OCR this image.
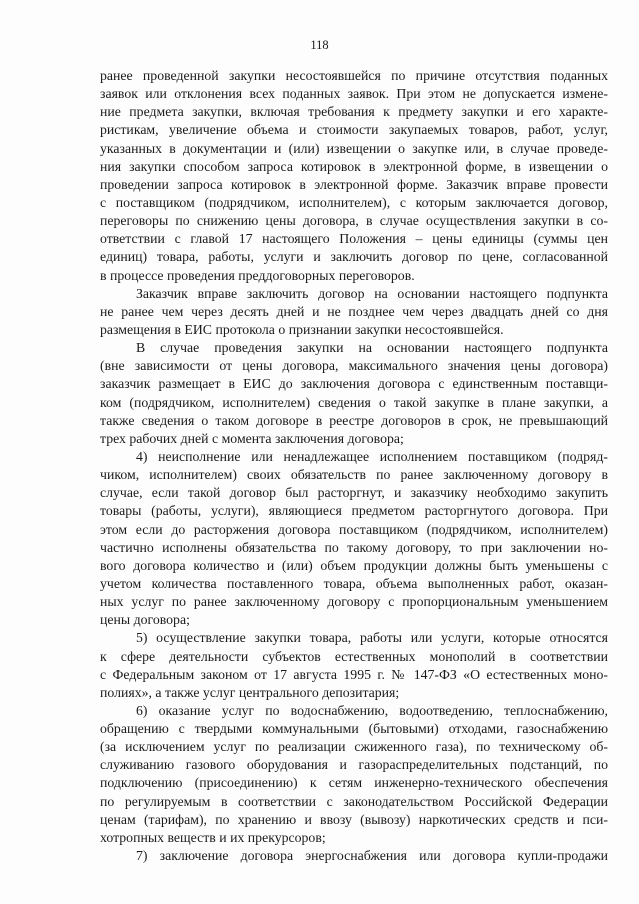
118
ранее проведенной закупки несостоявшейся по причине отсутствия поданных
заявок или отклонения всех поданных заявок. При этом не допускается измене-
ние предмета закупки, включая требования к предмету закупки и его характе-
ристикам, увеличение объема и стоимости закупаемых товаров, работ, услуг,
указанных в документации и (или) извещении о закупке или, в случае проведе-
ния закупки способом запроса котировок в электронной форме, в извещении о
проведении запроса котировок в электронной форме. Заказчик вправе провести
с поставщиком (подрядчиком, исполнителем), с которым заключается договор,
переговоры по снижению цены договора, в случае осуществления закупки в со-
ответствии с главой 17 настоящего Положения – цены единицы (суммы цен
единиц) товара, работы, услуги и заключить договор по цене, согласованной
в процессе проведения преддоговорных переговоров.
Заказчик вправе заключить договор на основании настоящего подпункта
не ранее чем через десять дней и не позднее чем через двадцать дней со дня
размещения в ЕИС протокола о признании закупки несостоявшейся.
В случае проведения закупки на основании настоящего подпункта
(вне зависимости от цены договора, максимального значения цены договора)
заказчик размещает в ЕИС до заключения договора с единственным поставщи-
ком (подрядчиком, исполнителем) сведения о такой закупке в плане закупки, а
также сведения о таком договоре в реестре договоров в срок, не превышающий
трех рабочих дней с момента заключения договора;
4) неисполнение или ненадлежащее исполнением поставщиком (подряд-
чиком, исполнителем) своих обязательств по ранее заключенному договору в
случае, если такой договор был расторгнут, и заказчику необходимо закупить
товары (работы, услуги), являющиеся предметом расторгнутого договора. При
этом если до расторжения договора поставщиком (подрядчиком, исполнителем)
частично исполнены обязательства по такому договору, то при заключении но-
вого договора количество и (или) объем продукции должны быть уменьшены с
учетом количества поставленного товара, объема выполненных работ, оказан-
ных услуг по ранее заключенному договору с пропорциональным уменьшением
цены договора;
5) осуществление закупки товара, работы или услуги, которые относятся
к сфере деятельности субъектов естественных монополий в соответствии
с Федеральным законом от 17 августа 1995 г. № 147-ФЗ «О естественных моно-
полиях», а также услуг центрального депозитария;
6) оказание услуг по водоснабжению, водоотведению, теплоснабжению,
обращению с твердыми коммунальными (бытовыми) отходами, газоснабжению
(за исключением услуг по реализации сжиженного газа), по техническому об-
служиванию газового оборудования и газораспределительных подстанций, по
подключению (присоединению) к сетям инженерно-технического обеспечения
по регулируемым в соответствии с законодательством Российской Федерации
ценам (тарифам), по хранению и ввозу (вывозу) наркотических средств и пси-
хотропных веществ и их прекурсоров;
7) заключение договора энергоснабжения или договора купли-продажи
